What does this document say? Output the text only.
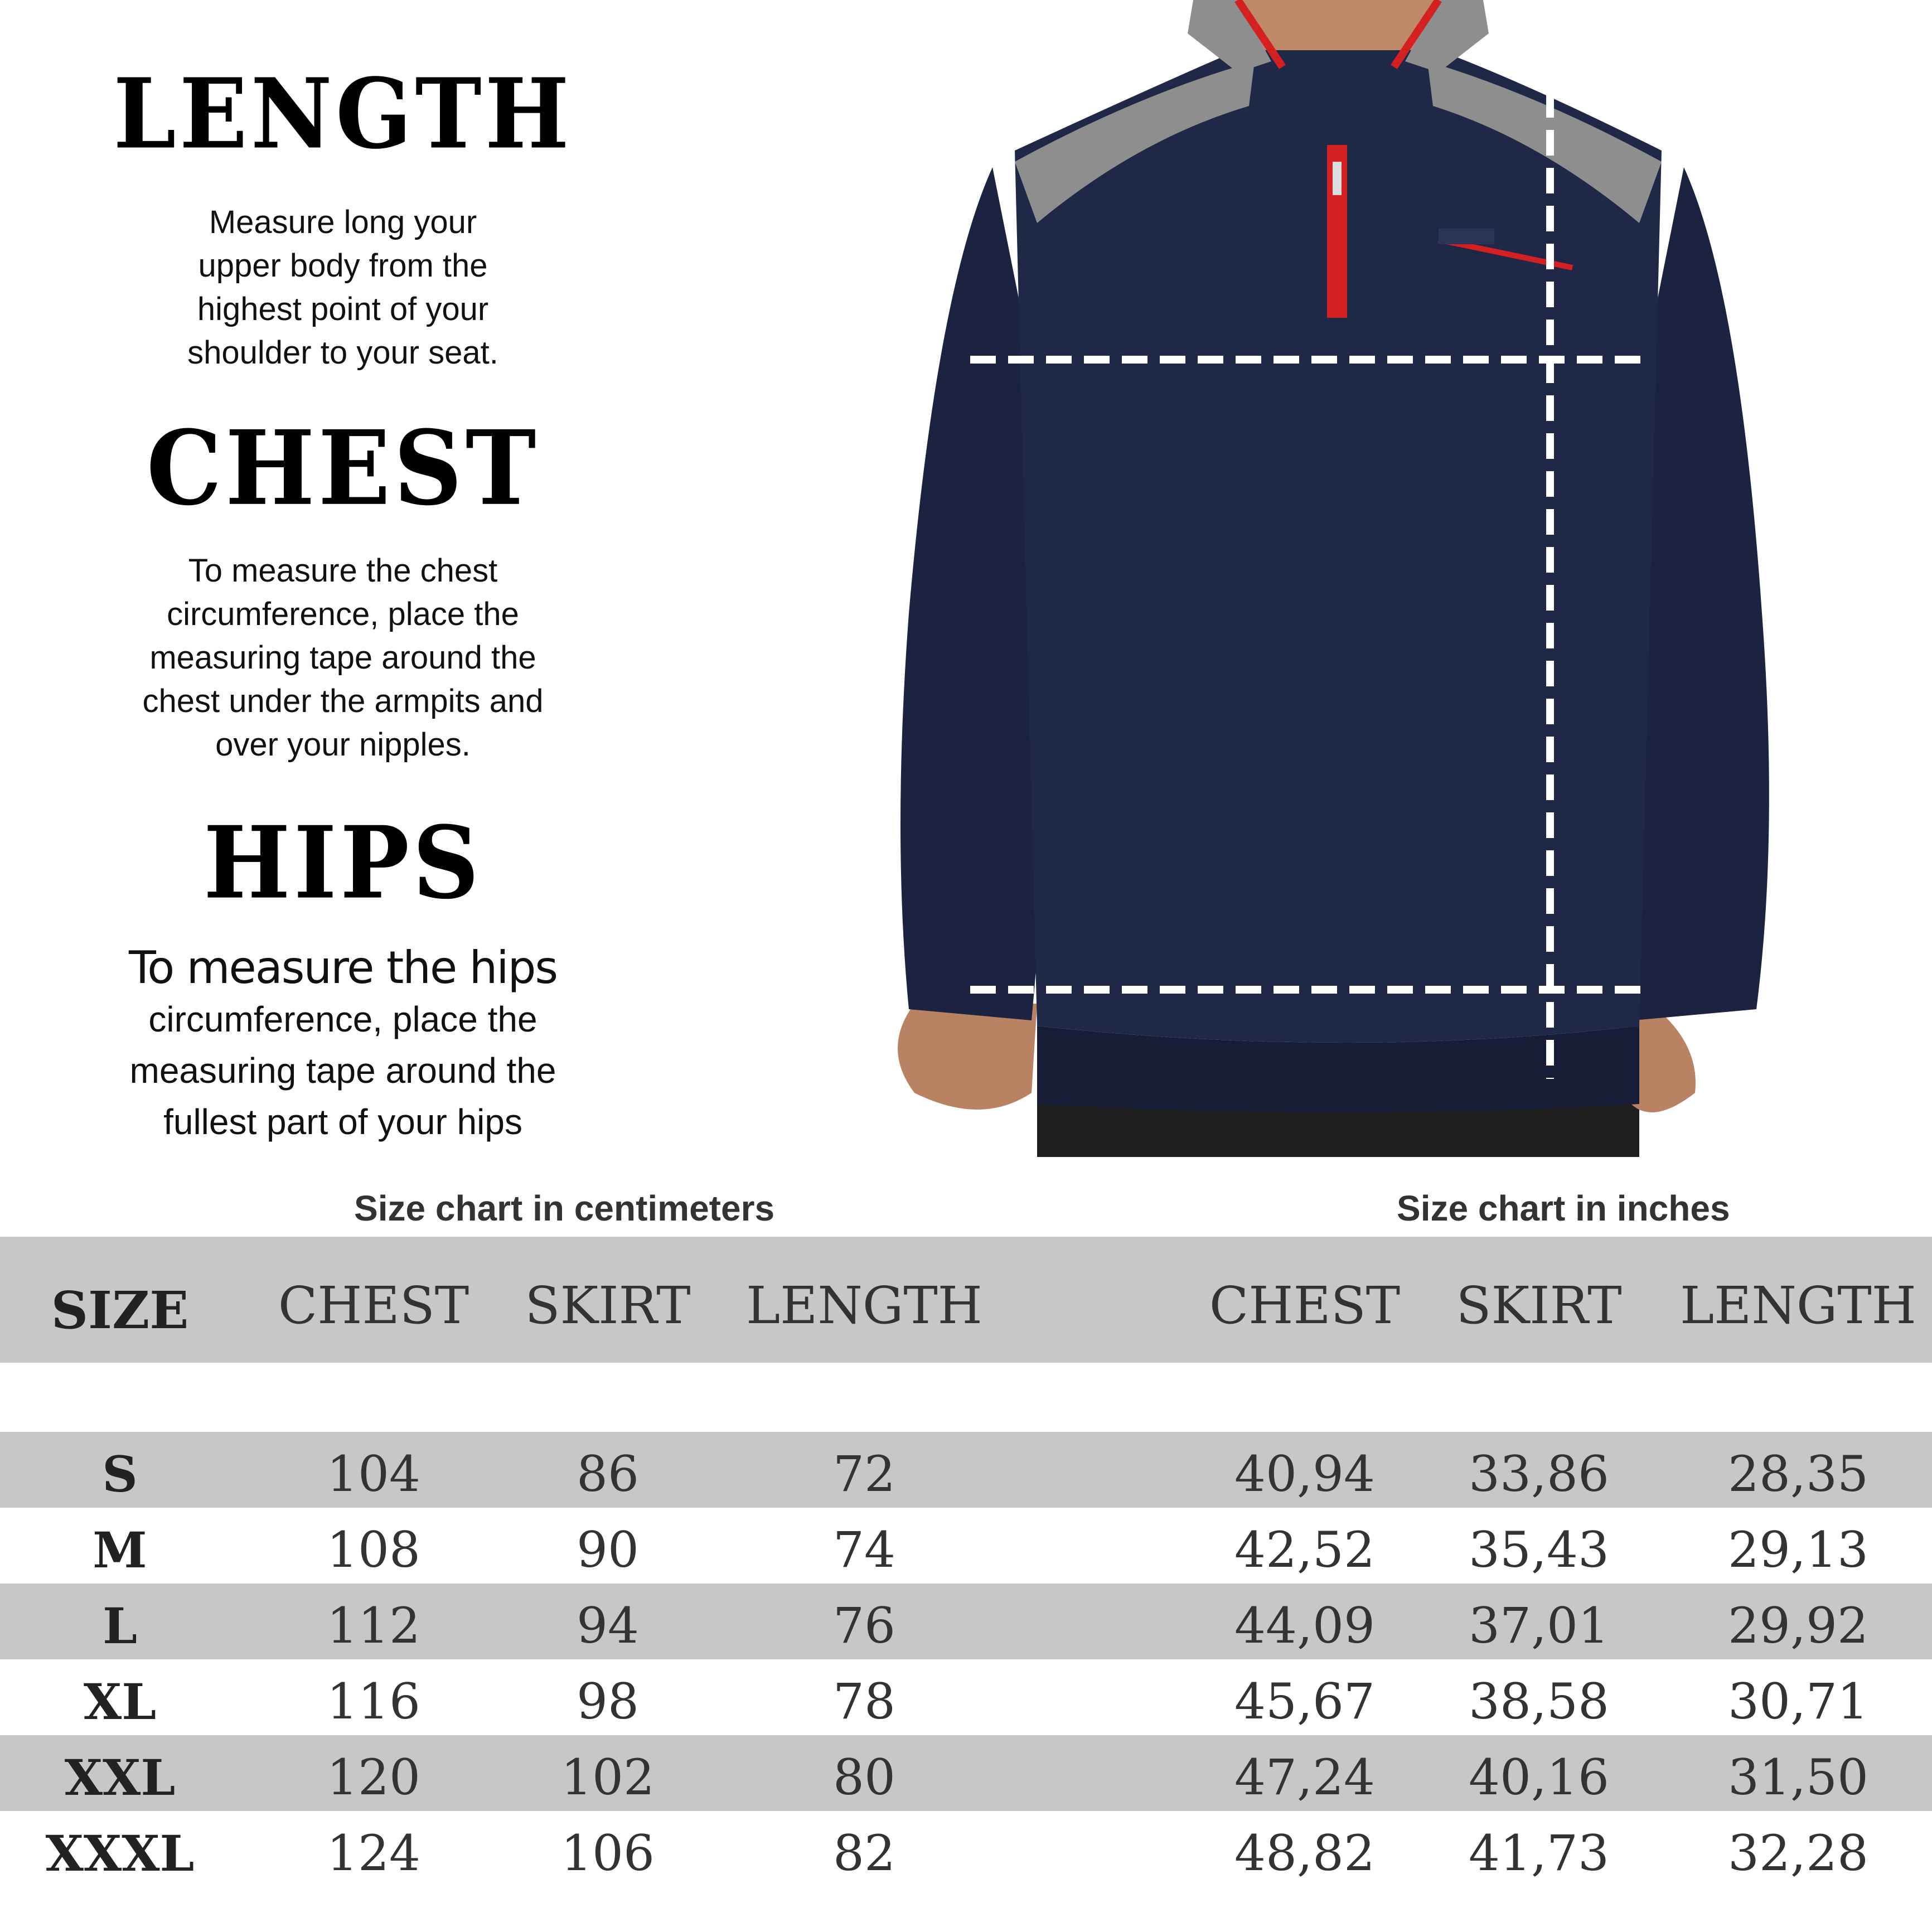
LENGTH
Measure long your
upper body from the
highest point of your
shoulder to your seat.
CHEST
To measure the chest
circumference, place the
measuring tape around the
chest under the armpits and
over your nipples.
HIPS
To measure the hips
circumference, place the
measuring tape around the
fullest part of your hips
Size chart in centimeters	Size chart in inches
SIZE	CHEST	SKIRT	LENGTH	CHEST	SKIRT	LENGTH
S	104	86	72	40,94	33,86	28,35
M	108	90	74	42,52	35,43	29,13
L	112	94	76	44,09	37,01	29,92
XL	116	98	78	45,67	38,58	30,71
XXL	120	102	80	47,24	40,16	31,50
XXXL	124	106	82	48,82	41,73	32,28
